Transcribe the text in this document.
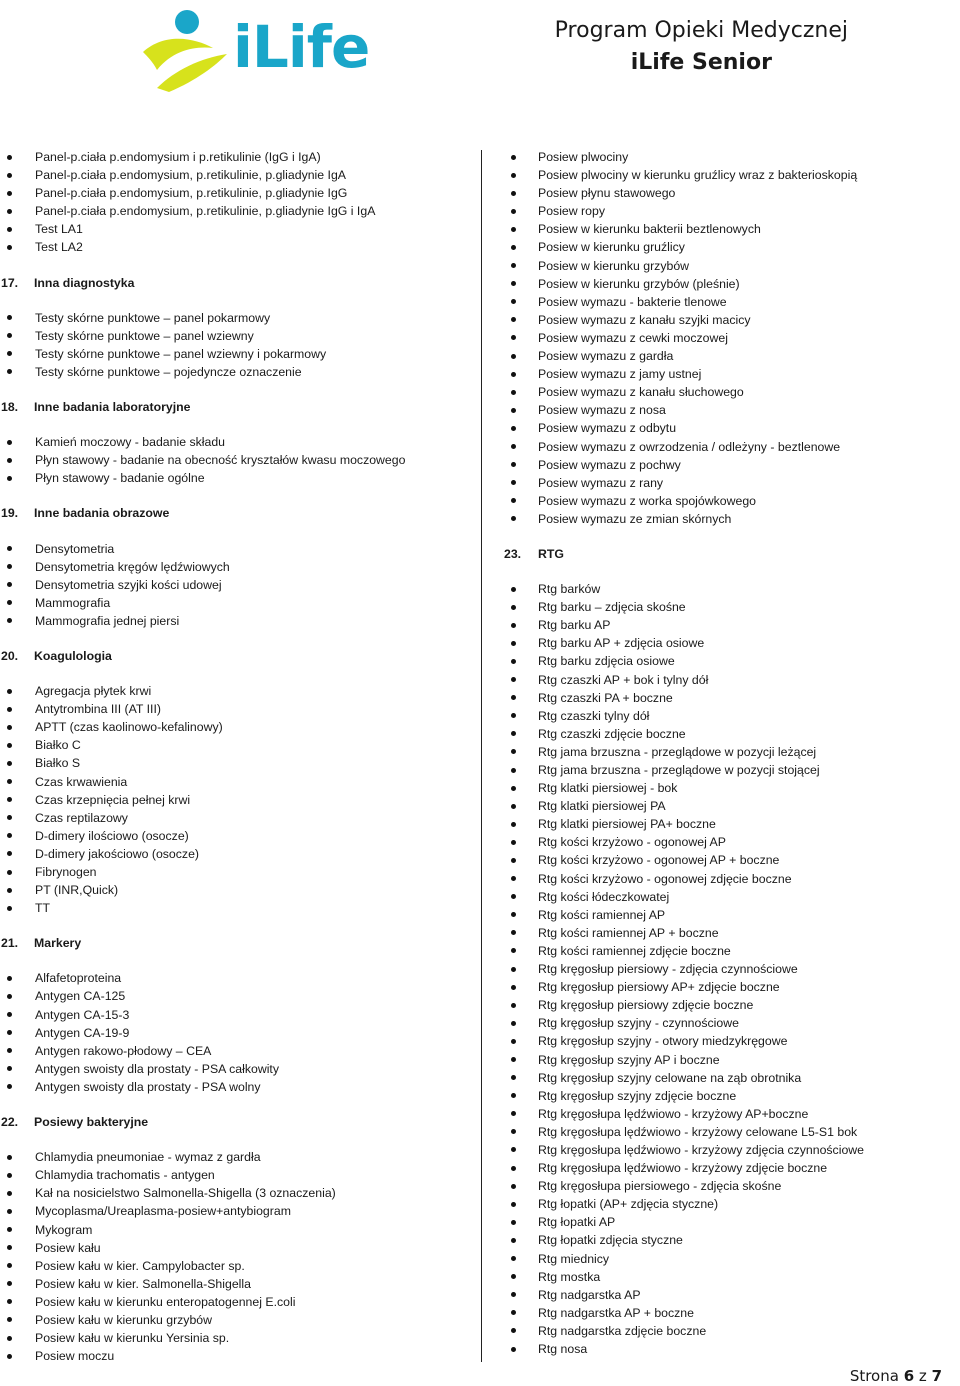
iLife	Program Opieki Medycznej
iLife Senior
Panel-p.ciała p.endomysium i p.retikulinie (IgG i IgA)
Panel-p.ciała p.endomysium, p.retikulinie, p.gliadynie IgA
Panel-p.ciała p.endomysium, p.retikulinie, p.gliadynie IgG
Panel-p.ciała p.endomysium, p.retikulinie, p.gliadynie IgG i IgA
Test LA1
Test LA2
17. Inna diagnostyka
Testy skórne punktowe – panel pokarmowy
Testy skórne punktowe – panel wziewny
Testy skórne punktowe – panel wziewny i pokarmowy
Testy skórne punktowe – pojedyncze oznaczenie
18. Inne badania laboratoryjne
Kamień moczowy - badanie składu
Płyn stawowy - badanie na obecność kryształów kwasu moczowego
Płyn stawowy - badanie ogólne
19. Inne badania obrazowe
Densytometria
Densytometria kręgów lędźwiowych
Densytometria szyjki kości udowej
Mammografia
Mammografia jednej piersi
20. Koagulologia
Agregacja płytek krwi
Antytrombina III (AT III)
APTT (czas kaolinowo-kefalinowy)
Białko C
Białko S
Czas krwawienia
Czas krzepnięcia pełnej krwi
Czas reptilazowy
D-dimery ilościowo (osocze)
D-dimery jakościowo (osocze)
Fibrynogen
PT (INR,Quick)
TT
21. Markery
Alfafetoproteina
Antygen CA-125
Antygen CA-15-3
Antygen CA-19-9
Antygen rakowo-płodowy – CEA
Antygen swoisty dla prostaty - PSA całkowity
Antygen swoisty dla prostaty - PSA wolny
22. Posiewy bakteryjne
Chlamydia pneumoniae - wymaz z gardła
Chlamydia trachomatis - antygen
Kał na nosicielstwo Salmonella-Shigella (3 oznaczenia)
Mycoplasma/Ureaplasma-posiew+antybiogram
Mykogram
Posiew kału
Posiew kału w kier. Campylobacter sp.
Posiew kału w kier. Salmonella-Shigella
Posiew kału w kierunku enteropatogennej E.coli
Posiew kału w kierunku grzybów
Posiew kału w kierunku Yersinia sp.
Posiew moczu
Posiew plwociny
Posiew plwociny w kierunku gruźlicy wraz z bakterioskopią
Posiew płynu stawowego
Posiew ropy
Posiew w kierunku bakterii beztlenowych
Posiew w kierunku gruźlicy
Posiew w kierunku grzybów
Posiew w kierunku grzybów (pleśnie)
Posiew wymazu - bakterie tlenowe
Posiew wymazu z kanału szyjki macicy
Posiew wymazu z cewki moczowej
Posiew wymazu z gardła
Posiew wymazu z jamy ustnej
Posiew wymazu z kanału słuchowego
Posiew wymazu z nosa
Posiew wymazu z odbytu
Posiew wymazu z owrzodzenia / odleżyny - beztlenowe
Posiew wymazu z pochwy
Posiew wymazu z rany
Posiew wymazu z worka spojówkowego
Posiew wymazu ze zmian skórnych
23. RTG
Rtg barków
Rtg barku – zdjęcia skośne
Rtg barku AP
Rtg barku AP + zdjęcia osiowe
Rtg barku zdjęcia osiowe
Rtg czaszki AP + bok i tylny dół
Rtg czaszki PA + boczne
Rtg czaszki tylny dół
Rtg czaszki zdjęcie boczne
Rtg jama brzuszna - przeglądowe w pozycji leżącej
Rtg jama brzuszna - przeglądowe w pozycji stojącej
Rtg klatki piersiowej - bok
Rtg klatki piersiowej PA
Rtg klatki piersiowej PA+ boczne
Rtg kości krzyżowo - ogonowej AP
Rtg kości krzyżowo - ogonowej AP + boczne
Rtg kości krzyżowo - ogonowej zdjęcie boczne
Rtg kości łódeczkowatej
Rtg kości ramiennej AP
Rtg kości ramiennej AP + boczne
Rtg kości ramiennej zdjęcie boczne
Rtg kręgosłup piersiowy - zdjęcia czynnościowe
Rtg kręgosłup piersiowy AP+ zdjęcie boczne
Rtg kręgosłup piersiowy zdjęcie boczne
Rtg kręgosłup szyjny - czynnościowe
Rtg kręgosłup szyjny - otwory miedzykręgowe
Rtg kręgosłup szyjny AP i boczne
Rtg kręgosłup szyjny celowane na ząb obrotnika
Rtg kręgosłup szyjny zdjęcie boczne
Rtg kręgosłupa lędźwiowo - krzyżowy AP+boczne
Rtg kręgosłupa lędźwiowo - krzyżowy celowane L5-S1 bok
Rtg kręgosłupa lędźwiowo - krzyżowy zdjęcia czynnościowe
Rtg kręgosłupa lędźwiowo - krzyżowy zdjęcie boczne
Rtg kręgosłupa piersiowego - zdjęcia skośne
Rtg łopatki (AP+ zdjęcia styczne)
Rtg łopatki AP
Rtg łopatki zdjęcia styczne
Rtg miednicy
Rtg mostka
Rtg nadgarstka AP
Rtg nadgarstka AP + boczne
Rtg nadgarstka zdjęcie boczne
Rtg nosa
Strona 6 z 7
